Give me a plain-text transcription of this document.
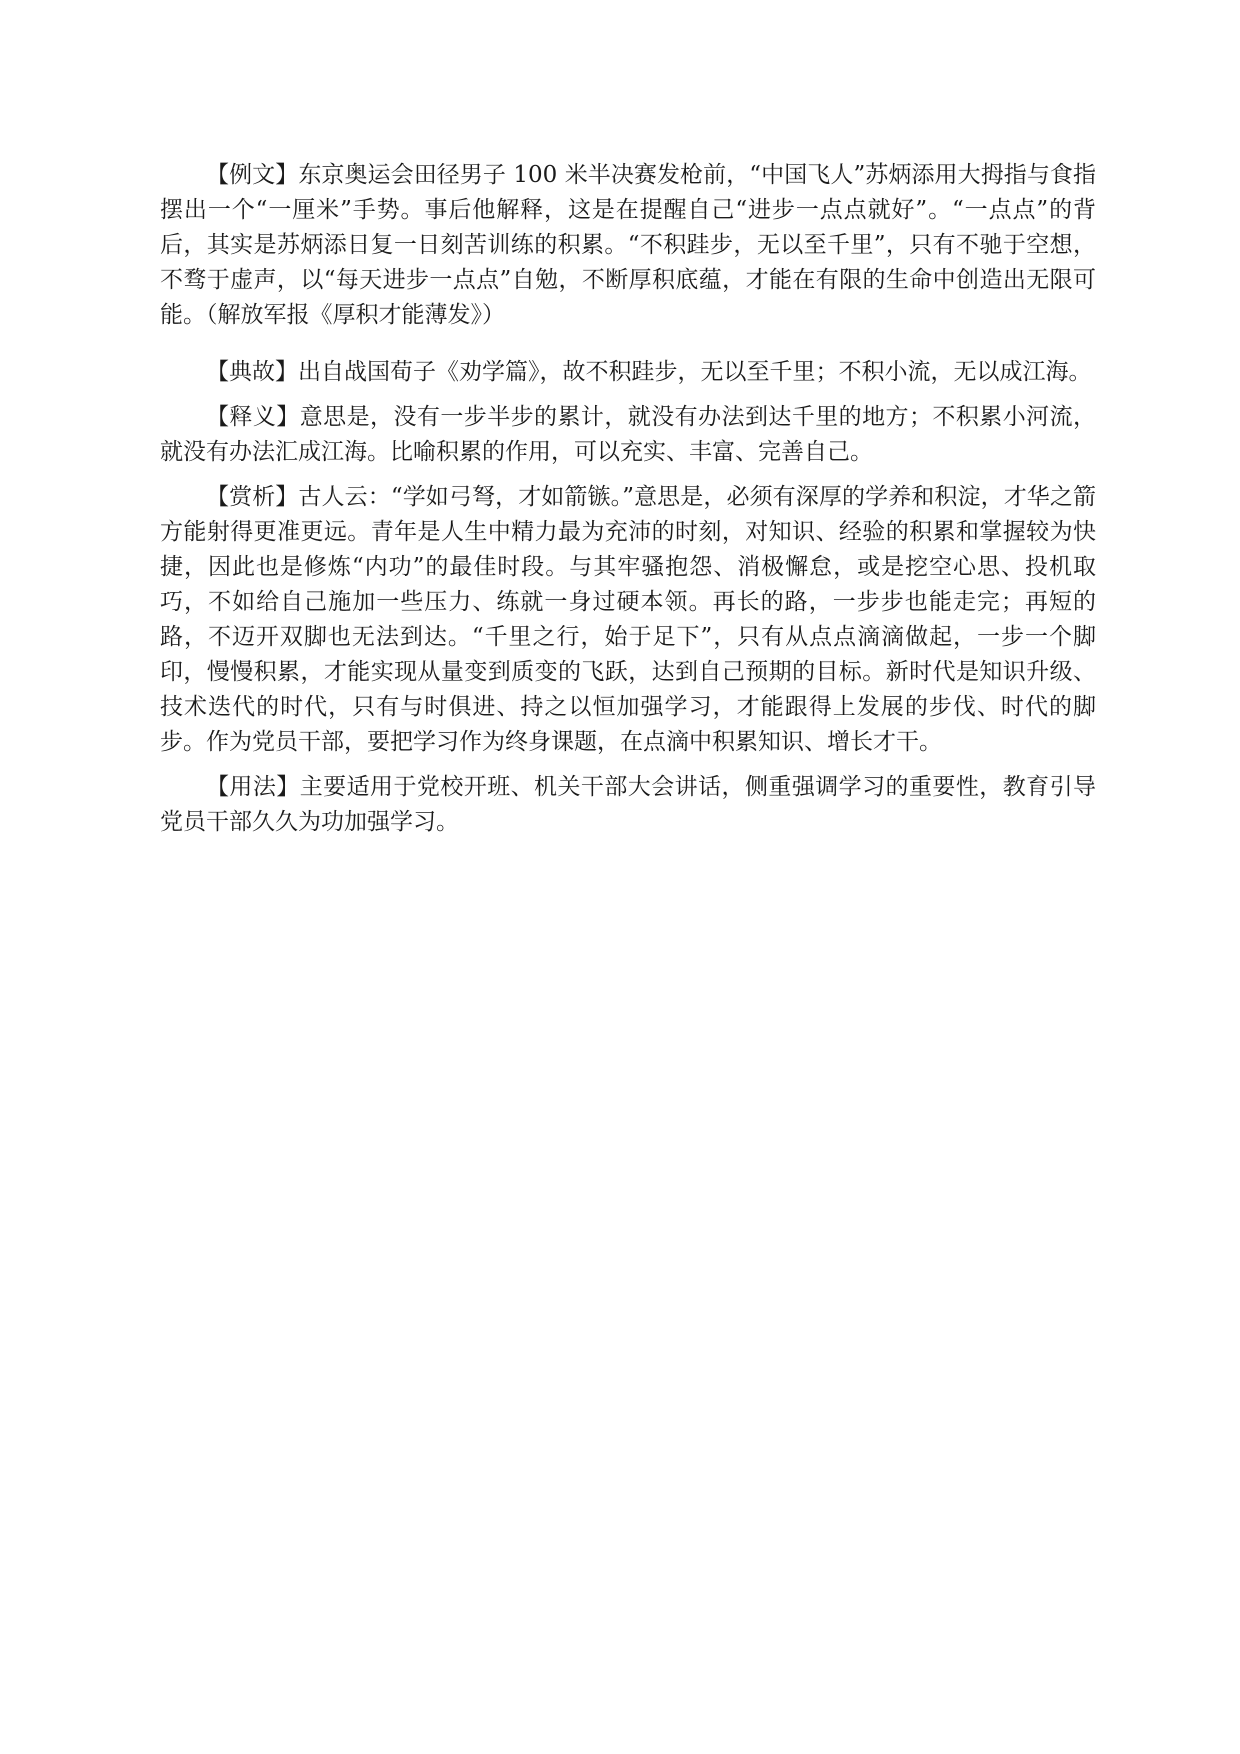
【例文】东京奥运会田径男子 100 米半决赛发枪前，“中国飞人”苏炳添用大拇指与食指摆出一个“一厘米”手势。事后他解释，这是在提醒自己“进步一点点就好”。“一点点”的背后，其实是苏炳添日复一日刻苦训练的积累。“不积跬步，无以至千里”，只有不驰于空想，不骛于虚声，以“每天进步一点点”自勉，不断厚积底蕴，才能在有限的生命中创造出无限可能。（解放军报《厚积才能薄发》）

【典故】出自战国荀子《劝学篇》，故不积跬步，无以至千里；不积小流，无以成江海。

【释义】意思是，没有一步半步的累计，就没有办法到达千里的地方；不积累小河流，就没有办法汇成江海。比喻积累的作用，可以充实、丰富、完善自己。

【赏析】古人云：“学如弓弩，才如箭镞。”意思是，必须有深厚的学养和积淀，才华之箭方能射得更准更远。青年是人生中精力最为充沛的时刻，对知识、经验的积累和掌握较为快捷，因此也是修炼“内功”的最佳时段。与其牢骚抱怨、消极懈怠，或是挖空心思、投机取巧，不如给自己施加一些压力、练就一身过硬本领。再长的路，一步步也能走完；再短的路，不迈开双脚也无法到达。“千里之行，始于足下”，只有从点点滴滴做起，一步一个脚印，慢慢积累，才能实现从量变到质变的飞跃，达到自己预期的目标。新时代是知识升级、技术迭代的时代，只有与时俱进、持之以恒加强学习，才能跟得上发展的步伐、时代的脚步。作为党员干部，要把学习作为终身课题，在点滴中积累知识、增长才干。

【用法】主要适用于党校开班、机关干部大会讲话，侧重强调学习的重要性，教育引导党员干部久久为功加强学习。
